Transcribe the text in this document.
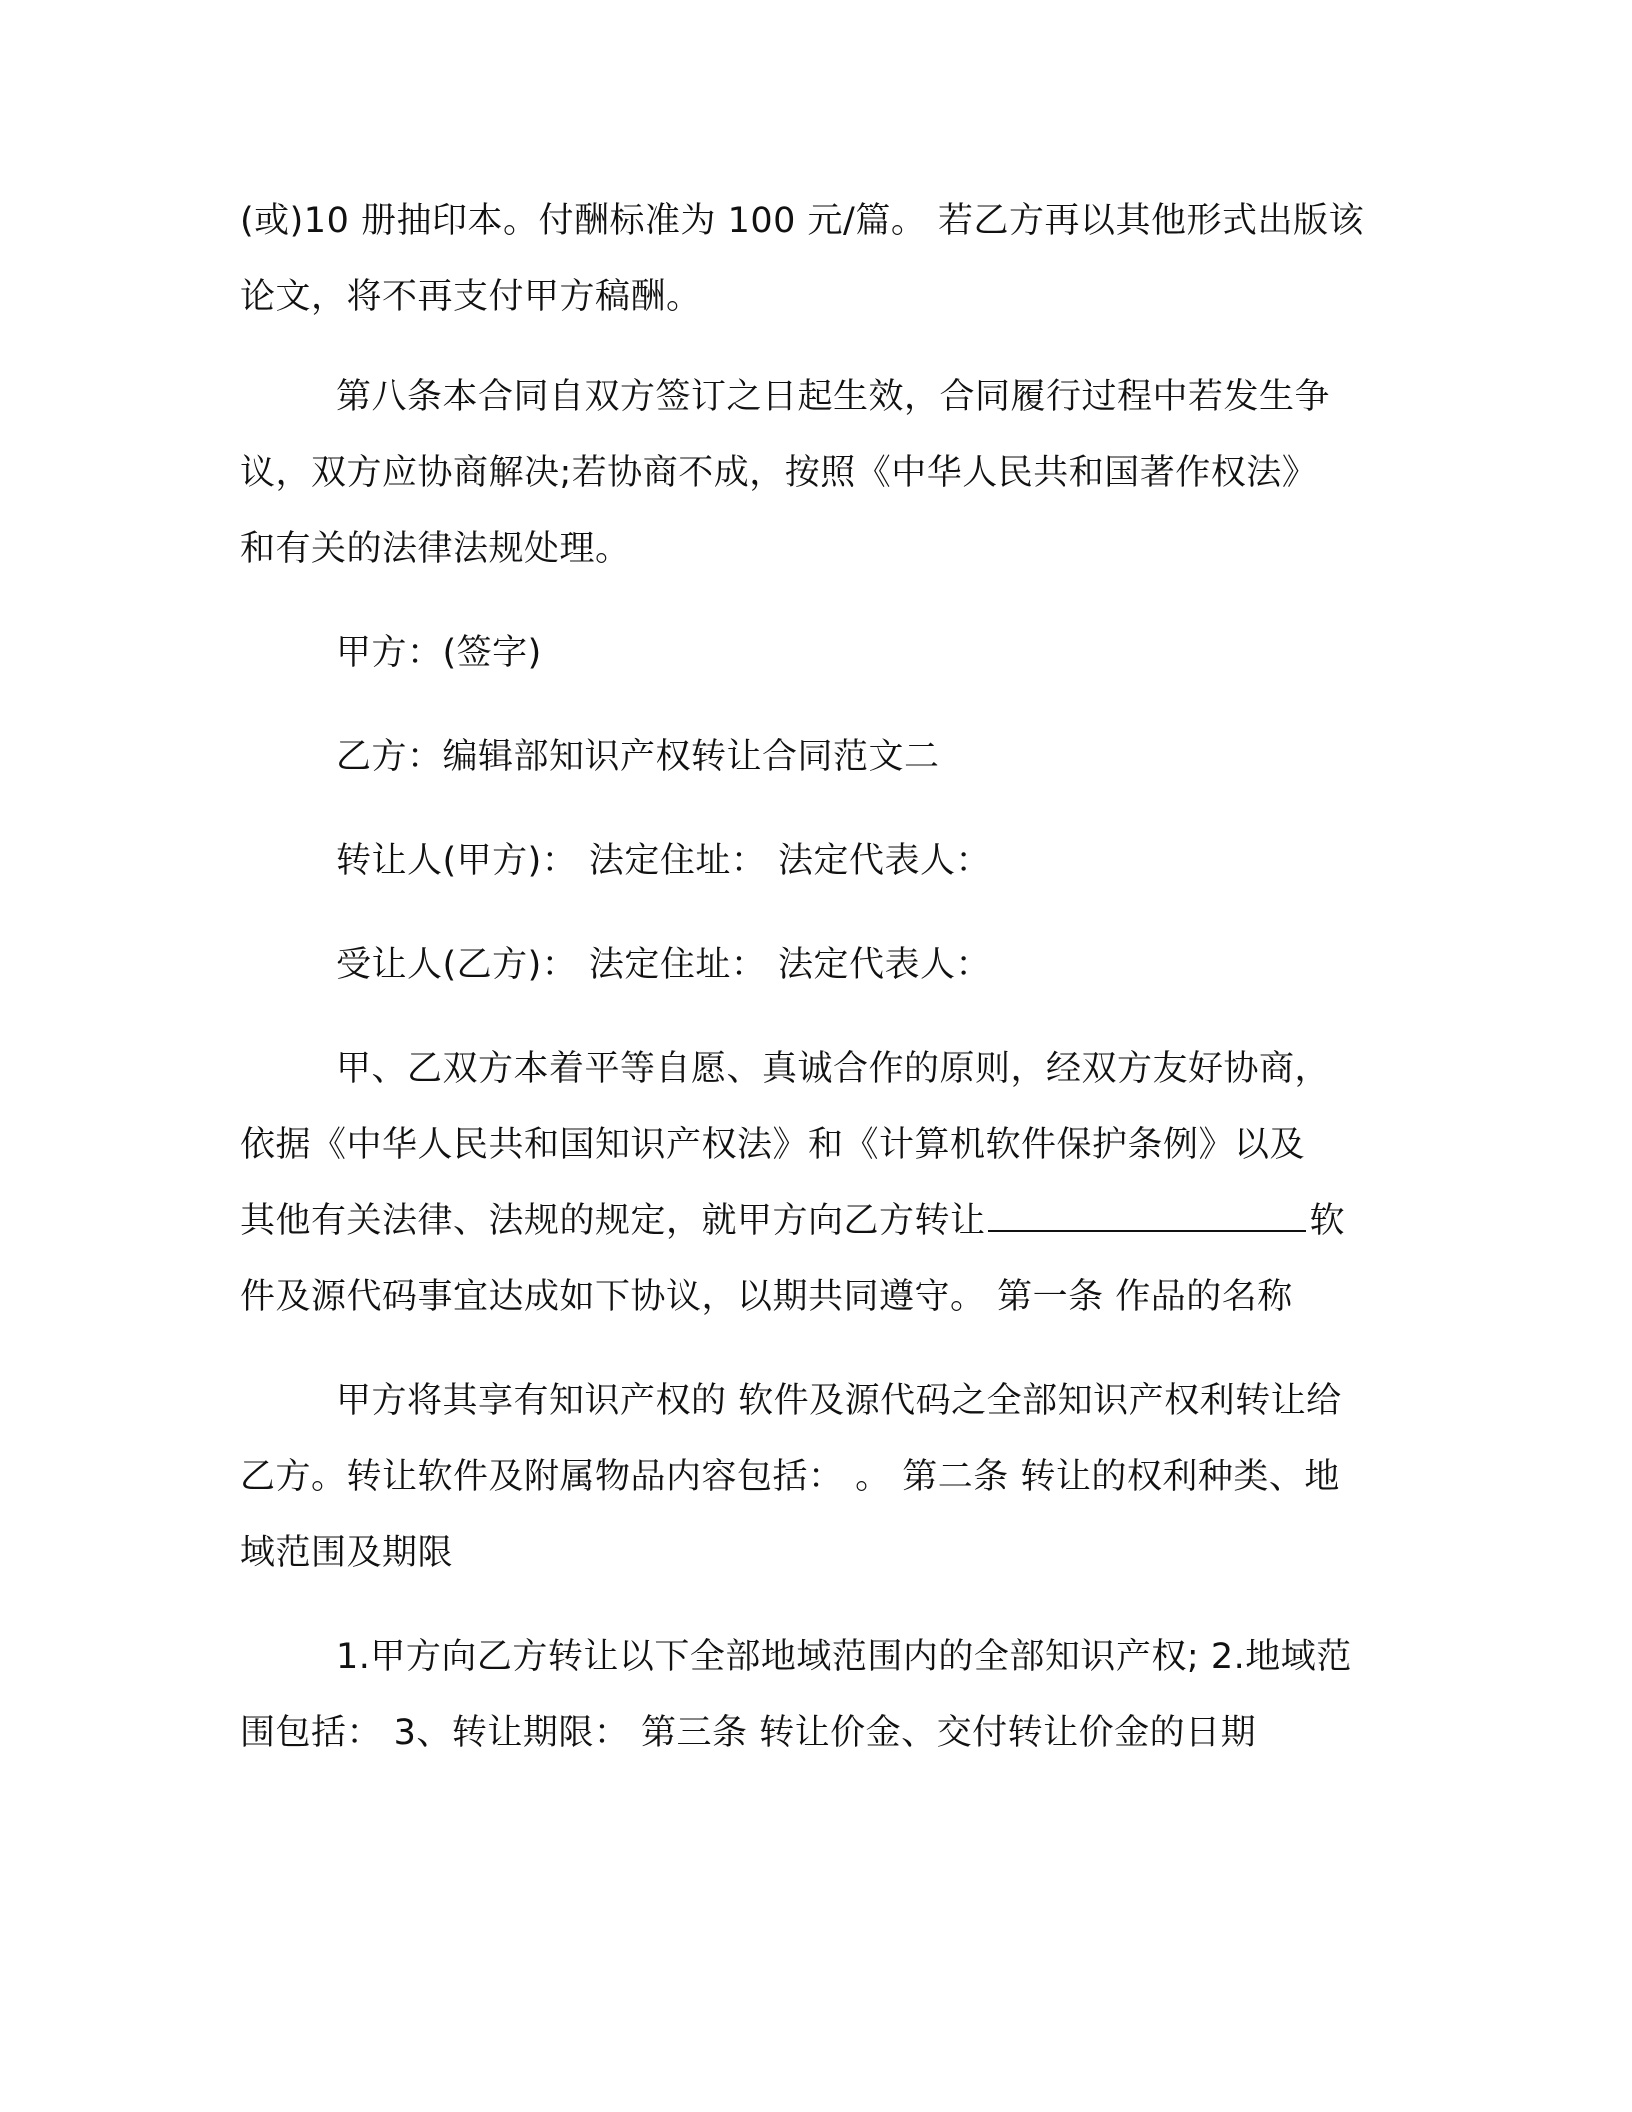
(或)10 册抽印本。付酬标准为 100 元/篇。 若乙方再以其他形式出版该

论文，将不再支付甲方稿酬。

第八条本合同自双方签订之日起生效，合同履行过程中若发生争

议，双方应协商解决;若协商不成，按照《中华人民共和国著作权法》

和有关的法律法规处理。

甲方：(签字)

乙方：编辑部知识产权转让合同范文二

转让人(甲方)： 法定住址： 法定代表人：

受让人(乙方)： 法定住址： 法定代表人：

甲、乙双方本着平等自愿、真诚合作的原则，经双方友好协商，

依据《中华人民共和国知识产权法》和《计算机软件保护条例》以及

其他有关法律、法规的规定，就甲方向乙方转让	软

件及源代码事宜达成如下协议，以期共同遵守。 第一条 作品的名称

甲方将其享有知识产权的 软件及源代码之全部知识产权利转让给

乙方。转让软件及附属物品内容包括： 。 第二条 转让的权利种类、地

域范围及期限

1.甲方向乙方转让以下全部地域范围内的全部知识产权; 2.地域范

围包括： 3、转让期限： 第三条 转让价金、交付转让价金的日期
